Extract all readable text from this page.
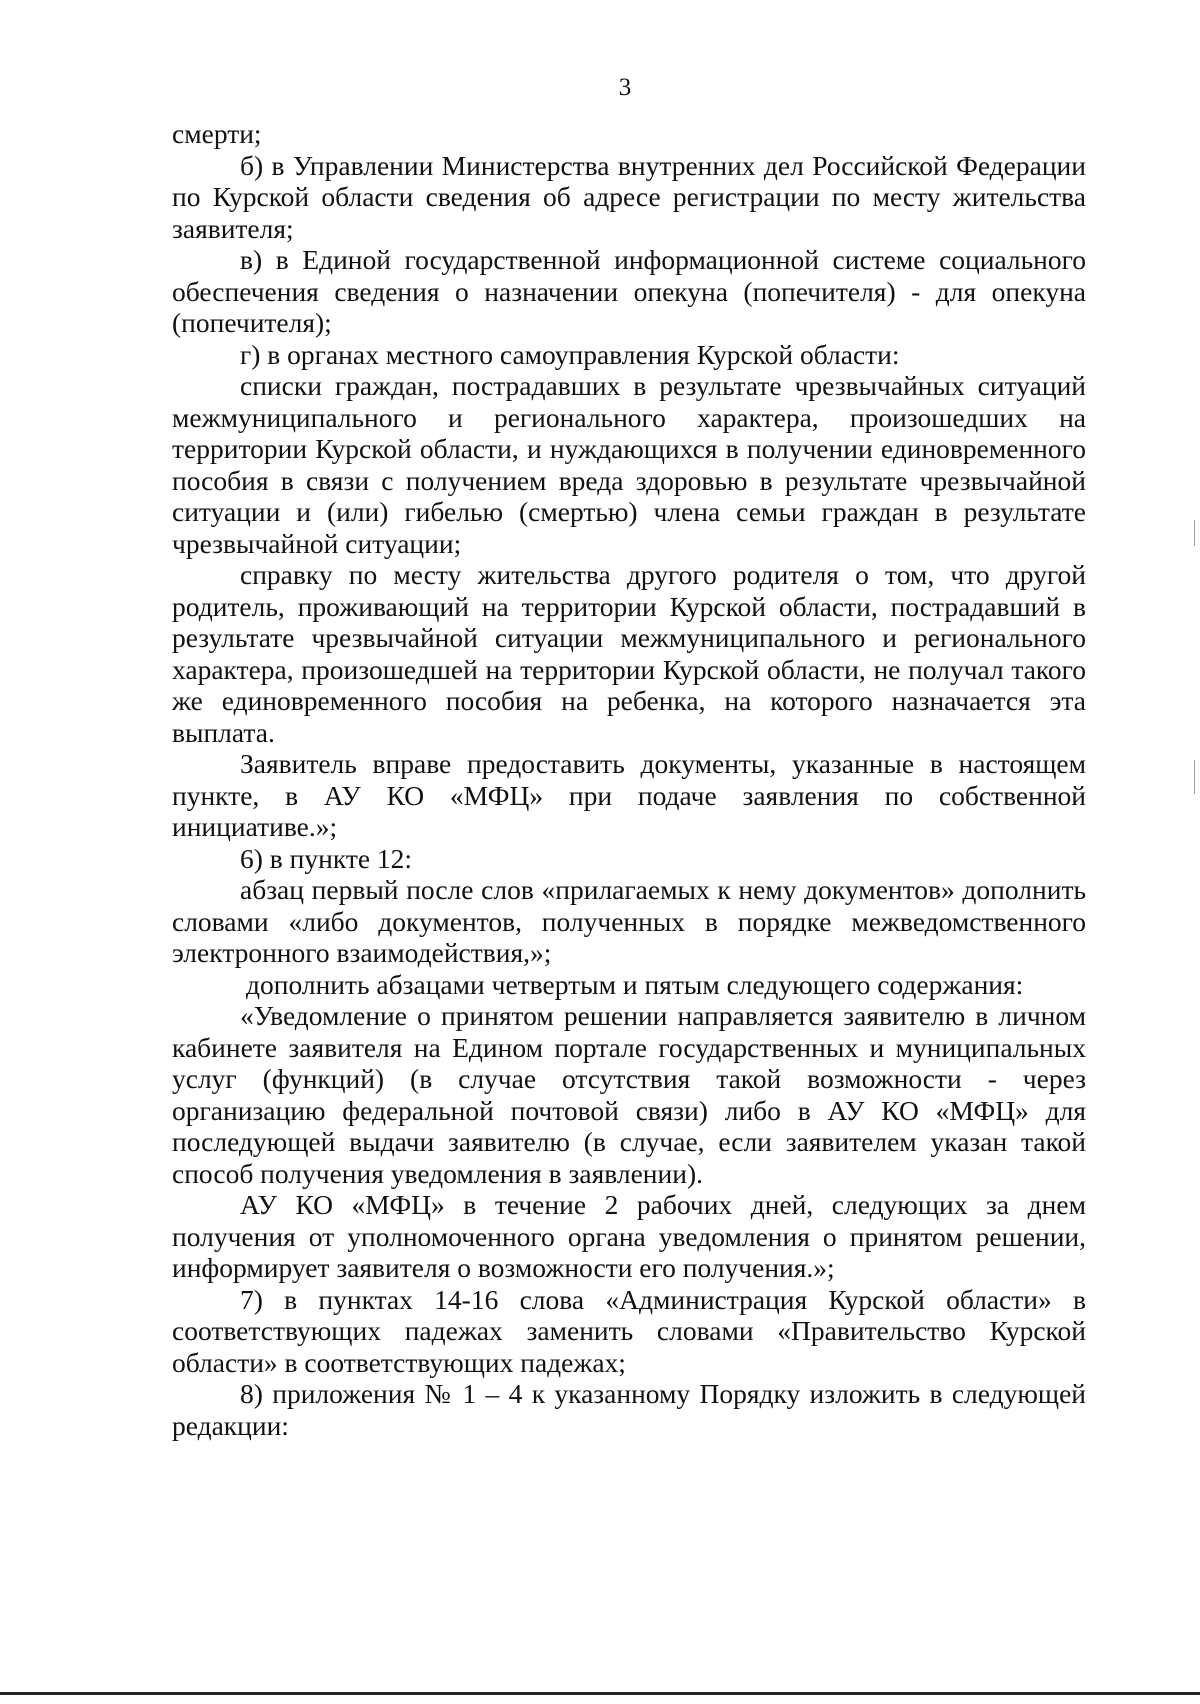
3

смерти;

б) в Управлении Министерства внутренних дел Российской Федерации по Курской области сведения об адресе регистрации по месту жительства заявителя;

в) в Единой государственной информационной системе социального обеспечения сведения о назначении опекуна (попечителя) - для опекуна (попечителя);

г) в органах местного самоуправления Курской области:

списки граждан, пострадавших в результате чрезвычайных ситуаций межмуниципального и регионального характера, произошедших на территории Курской области, и нуждающихся в получении единовременного пособия в связи с получением вреда здоровью в результате чрезвычайной ситуации и (или) гибелью (смертью) члена семьи граждан в результате чрезвычайной ситуации;

справку по месту жительства другого родителя о том, что другой родитель, проживающий на территории Курской области, пострадавший в результате чрезвычайной ситуации межмуниципального и регионального характера, произошедшей на территории Курской области, не получал такого же единовременного пособия на ребенка, на которого назначается эта выплата.

Заявитель вправе предоставить документы, указанные в настоящем пункте, в АУ КО «МФЦ» при подаче заявления по собственной инициативе.»;

6) в пункте 12:

абзац первый после слов «прилагаемых к нему документов» дополнить словами «либо документов, полученных в порядке межведомственного электронного взаимодействия,»;

дополнить абзацами четвертым и пятым следующего содержания:

«Уведомление о принятом решении направляется заявителю в личном кабинете заявителя на Едином портале государственных и муниципальных услуг (функций) (в случае отсутствия такой возможности - через организацию федеральной почтовой связи) либо в АУ КО «МФЦ» для последующей выдачи заявителю (в случае, если заявителем указан такой способ получения уведомления в заявлении).

АУ КО «МФЦ» в течение 2 рабочих дней, следующих за днем получения от уполномоченного органа уведомления о принятом решении, информирует заявителя о возможности его получения.»;

7) в пунктах 14-16 слова «Администрация Курской области» в соответствующих падежах заменить словами «Правительство Курской области» в соответствующих падежах;

8) приложения № 1 – 4 к указанному Порядку изложить в следующей редакции:
